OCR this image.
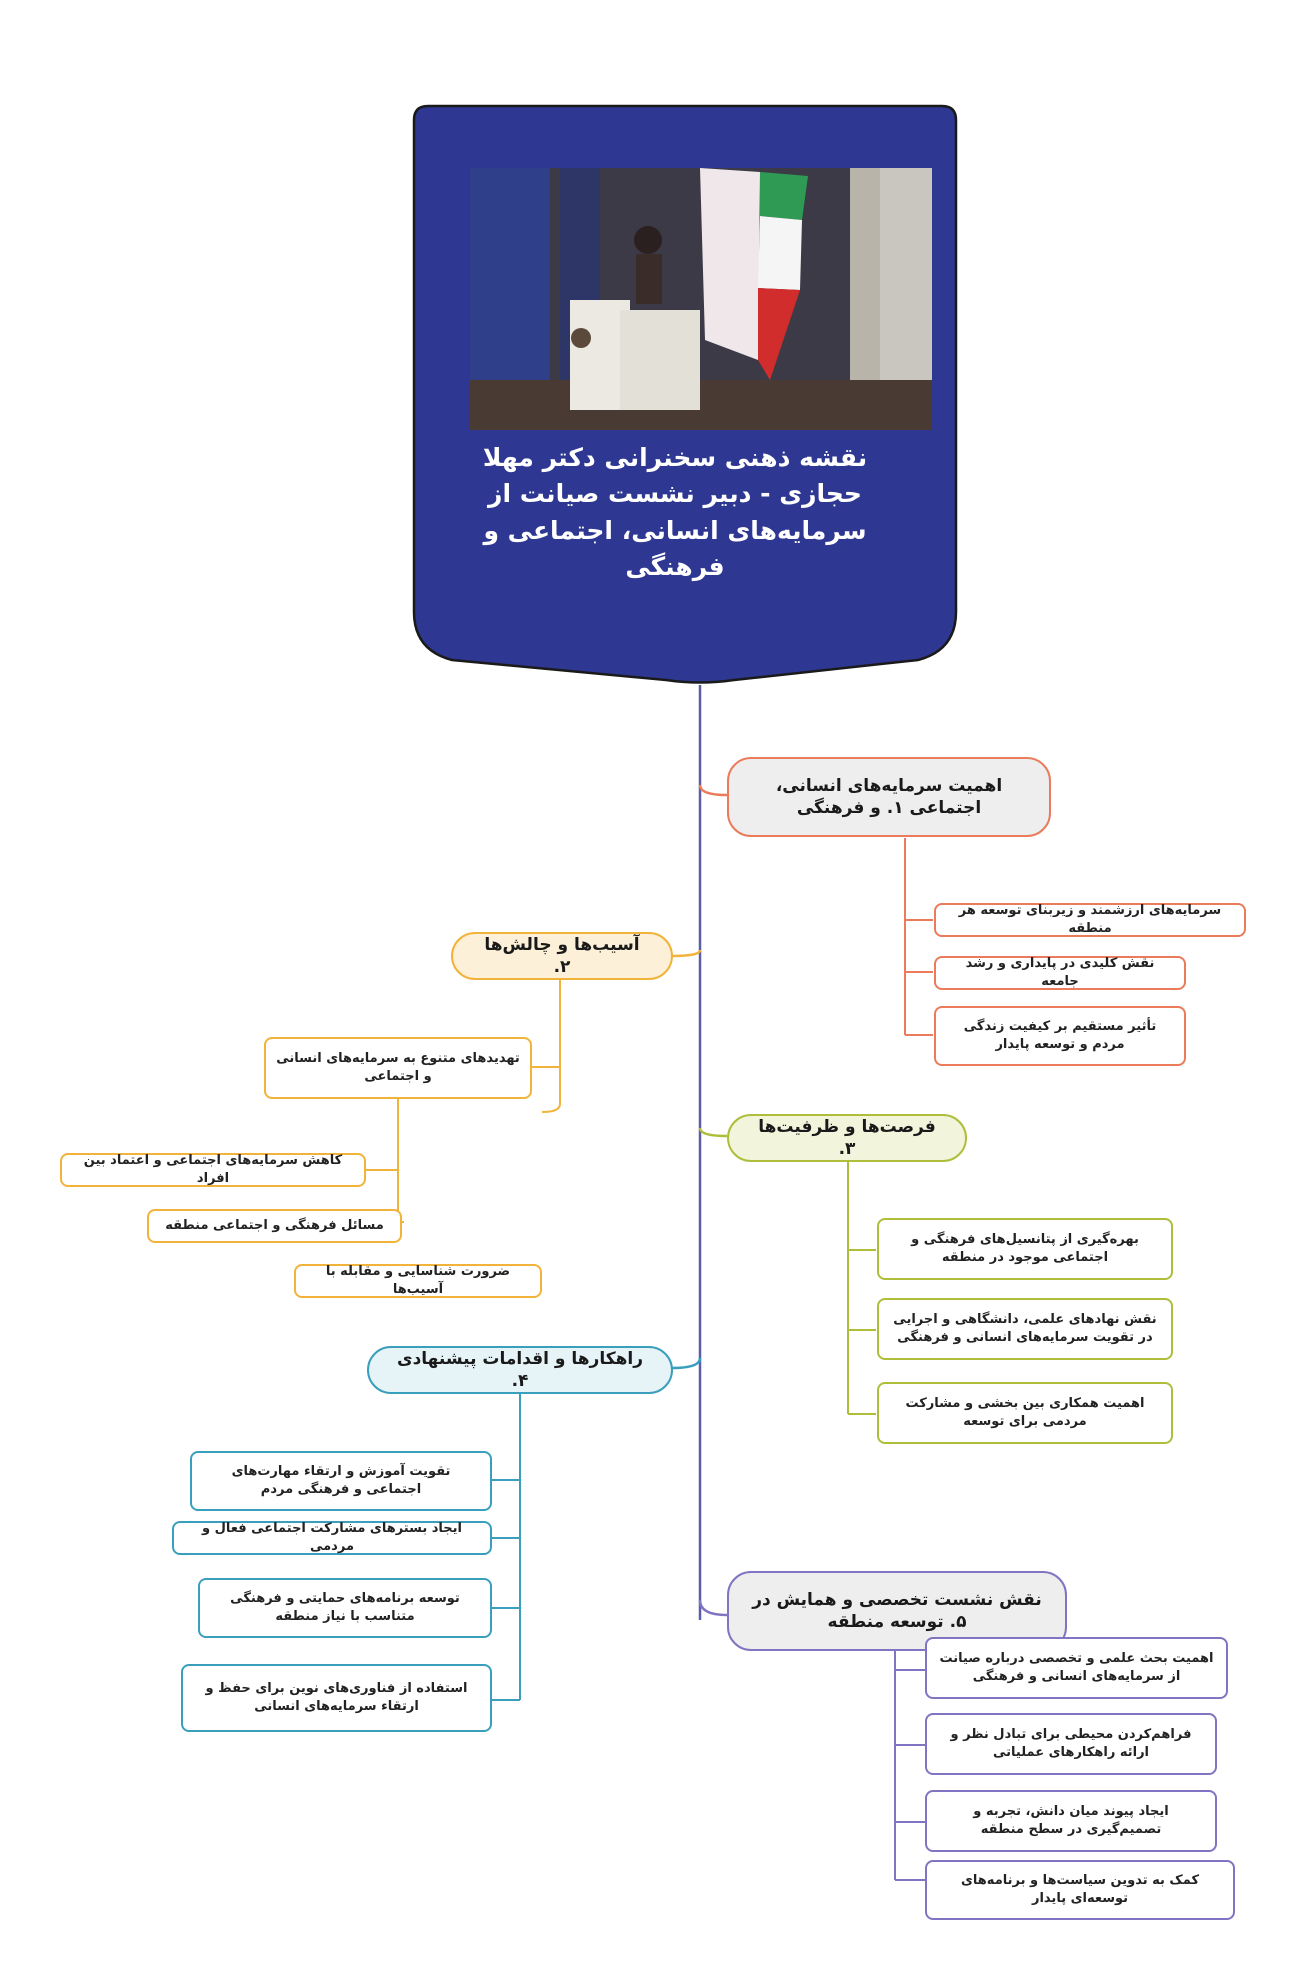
نقشه ذهنی سخنرانی دکتر مهلا حجازی - دبیر نشست صیانت از سرمایه‌های انسانی، اجتماعی و فرهنگی
اهمیت سرمایه‌های انسانی، اجتماعی ۱. و فرهنگی
سرمایه‌های ارزشمند و زیربنای توسعه هر منطقه
نقش کلیدی در پایداری و رشد جامعه
تأثیر مستقیم بر کیفیت زندگی مردم و توسعه پایدار
آسیب‌ها و چالش‌ها ۲.
تهدیدهای متنوع به سرمایه‌های انسانی و اجتماعی
کاهش سرمایه‌های اجتماعی و اعتماد بین افراد
مسائل فرهنگی و اجتماعی منطقه
ضرورت شناسایی و مقابله با آسیب‌ها
فرصت‌ها و ظرفیت‌ها ۳.
بهره‌گیری از پتانسیل‌های فرهنگی و اجتماعی موجود در منطقه
نقش نهادهای علمی، دانشگاهی و اجرایی در تقویت سرمایه‌های انسانی و فرهنگی
اهمیت همکاری بین بخشی و مشارکت مردمی برای توسعه
راهکارها و اقدامات پیشنهادی ۴.
تقویت آموزش و ارتقاء مهارت‌های اجتماعی و فرهنگی مردم
ایجاد بسترهای مشارکت اجتماعی فعال و مردمی
توسعه برنامه‌های حمایتی و فرهنگی متناسب با نیاز منطقه
استفاده از فناوری‌های نوین برای حفظ و ارتقاء سرمایه‌های انسانی
نقش نشست تخصصی و همایش در ۵. توسعه منطقه
اهمیت بحث علمی و تخصصی درباره صیانت از سرمایه‌های انسانی و فرهنگی
فراهم‌کردن محیطی برای تبادل نظر و ارائه راهکارهای عملیاتی
ایجاد پیوند میان دانش، تجربه و تصمیم‌گیری در سطح منطقه
کمک به تدوین سیاست‌ها و برنامه‌های توسعه‌ای پایدار
